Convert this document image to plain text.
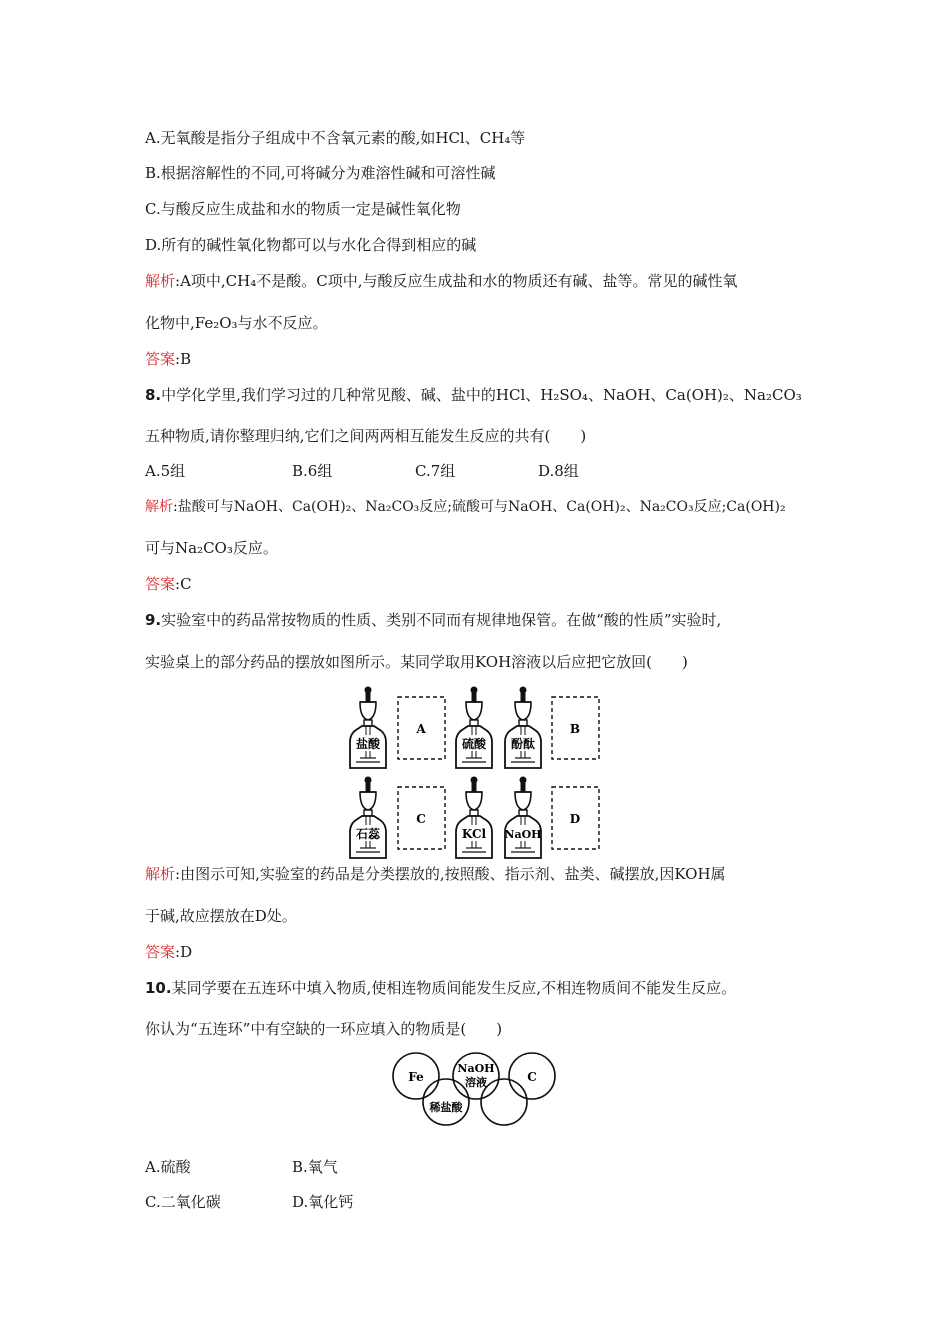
A.无氧酸是指分子组成中不含氧元素的酸,如HCl、CH₄等
B.根据溶解性的不同,可将碱分为难溶性碱和可溶性碱
C.与酸反应生成盐和水的物质一定是碱性氧化物
D.所有的碱性氧化物都可以与水化合得到相应的碱
解析:A项中,CH₄不是酸。C项中,与酸反应生成盐和水的物质还有碱、盐等。常见的碱性氧
化物中,Fe₂O₃与水不反应。
答案:B
8.中学化学里,我们学习过的几种常见酸、碱、盐中的HCl、H₂SO₄、NaOH、Ca(OH)₂、Na₂CO₃
五种物质,请你整理归纳,它们之间两两相互能发生反应的共有(　　)
A.5组	B.6组	C.7组	D.8组
解析:盐酸可与NaOH、Ca(OH)₂、Na₂CO₃反应;硫酸可与NaOH、Ca(OH)₂、Na₂CO₃反应;Ca(OH)₂
可与Na₂CO₃反应。
答案:C
9.实验室中的药品常按物质的性质、类别不同而有规律地保管。在做“酸的性质”实验时,
实验桌上的部分药品的摆放如图所示。某同学取用KOH溶液以后应把它放回(　　)
盐酸
A
硫酸 酚酞
B
石蕊
C
KCl NaOH
D
解析:由图示可知,实验室的药品是分类摆放的,按照酸、指示剂、盐类、碱摆放,因KOH属
于碱,故应摆放在D处。
答案:D
10.某同学要在五连环中填入物质,使相连物质间能发生反应,不相连物质间不能发生反应。
你认为“五连环”中有空缺的一环应填入的物质是(　　)
Fe
NaOH
溶液	C
稀盐酸
A.硫酸	B.氧气
C.二氧化碳	D.氧化钙
